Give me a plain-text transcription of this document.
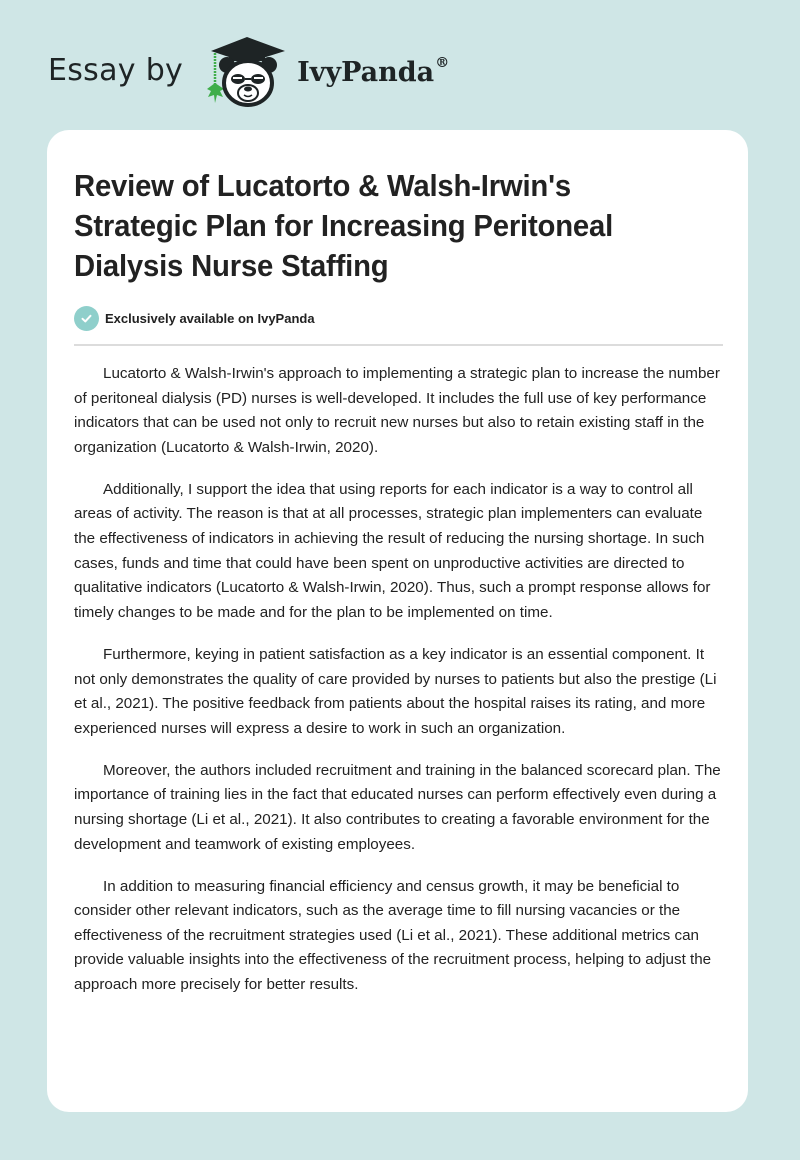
Essay by	IvyPanda®
Review of Lucatorto & Walsh-Irwin's Strategic Plan for Increasing Peritoneal Dialysis Nurse Staffing
Exclusively available on IvyPanda

Lucatorto & Walsh-Irwin's approach to implementing a strategic plan to increase the number of peritoneal dialysis (PD) nurses is well-developed. It includes the full use of key performance indicators that can be used not only to recruit new nurses but also to retain existing staff in the organization (Lucatorto & Walsh-Irwin, 2020).

Additionally, I support the idea that using reports for each indicator is a way to control all areas of activity. The reason is that at all processes, strategic plan implementers can evaluate the effectiveness of indicators in achieving the result of reducing the nursing shortage. In such cases, funds and time that could have been spent on unproductive activities are directed to qualitative indicators (Lucatorto & Walsh-Irwin, 2020). Thus, such a prompt response allows for timely changes to be made and for the plan to be implemented on time.

Furthermore, keying in patient satisfaction as a key indicator is an essential component. It not only demonstrates the quality of care provided by nurses to patients but also the prestige (Li et al., 2021). The positive feedback from patients about the hospital raises its rating, and more experienced nurses will express a desire to work in such an organization.

Moreover, the authors included recruitment and training in the balanced scorecard plan. The importance of training lies in the fact that educated nurses can perform effectively even during a nursing shortage (Li et al., 2021). It also contributes to creating a favorable environment for the development and teamwork of existing employees.

In addition to measuring financial efficiency and census growth, it may be beneficial to consider other relevant indicators, such as the average time to fill nursing vacancies or the effectiveness of the recruitment strategies used (Li et al., 2021). These additional metrics can provide valuable insights into the effectiveness of the recruitment process, helping to adjust the approach more precisely for better results.
